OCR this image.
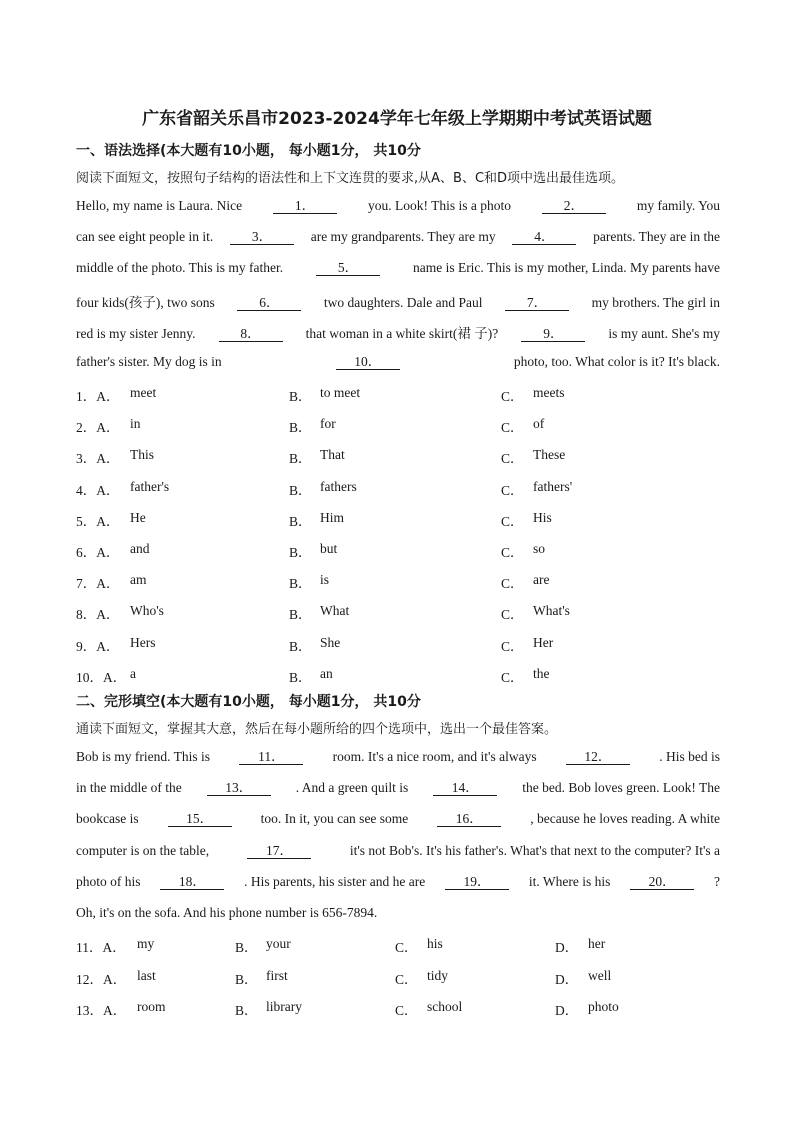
广东省韶关乐昌市2023-2024学年七年级上学期期中考试英语试题
一、语法选择(本大题有10小题， 每小题1分， 共10分
阅读下面短文，按照句子结构的语法性和上下文连贯的要求,从A、B、C和D项中选出最佳选项。
Hello, my name is Laura. Nice	1．	you. Look! This is a photo	2．	my family. You
can see eight people in it.	3．	are my grandparents. They are my	4．	parents. They are in the
middle of the photo. This is my father.	5．	name is Eric. This is my mother, Linda. My parents have
four kids(孩子), two sons	6．	two daughters. Dale and Paul	7．	my brothers. The girl in
red is my sister Jenny.	8．	that woman in a white skirt(裙 子)?	9．	is my aunt. She's my
father's sister. My dog is in	10．	photo, too. What color is it? It's black.
1．A． meet	B． to meet	C． meets
2．A． in	B． for	C． of
3．A． This	B． That	C． These
4．A． father's	B． fathers	C． fathers'
5．A． He	B． Him	C． His
6．A． and	B． but	C． so
7．A． am	B． is	C． are
8．A． Who's	B． What	C． What's
9．A． Hers	B． She	C． Her
10．A． a	B． an	C． the
二、完形填空(本大题有10小题， 每小题1分， 共10分
通读下面短文，掌握其大意，然后在每小题所给的四个选项中，选出一个最佳答案。
Bob is my friend. This is	11．	room. It's a nice room, and it's always	12．	. His bed is
in the middle of the	13．	. And a green quilt is	14．	the bed. Bob loves green. Look! The
bookcase is	15．	too. In it, you can see some	16．	, because he loves reading. A white
computer is on the table,	17．	it's not Bob's. It's his father's. What's that next to the computer? It's a
photo of his	18．	. His parents, his sister and he are	19．	it. Where is his	20．	?
Oh, it's on the sofa. And his phone number is 656-7894.
11．A． my	B． your	C． his	D． her
12．A． last	B． first	C． tidy	D． well
13．A． room	B． library	C． school	D． photo
